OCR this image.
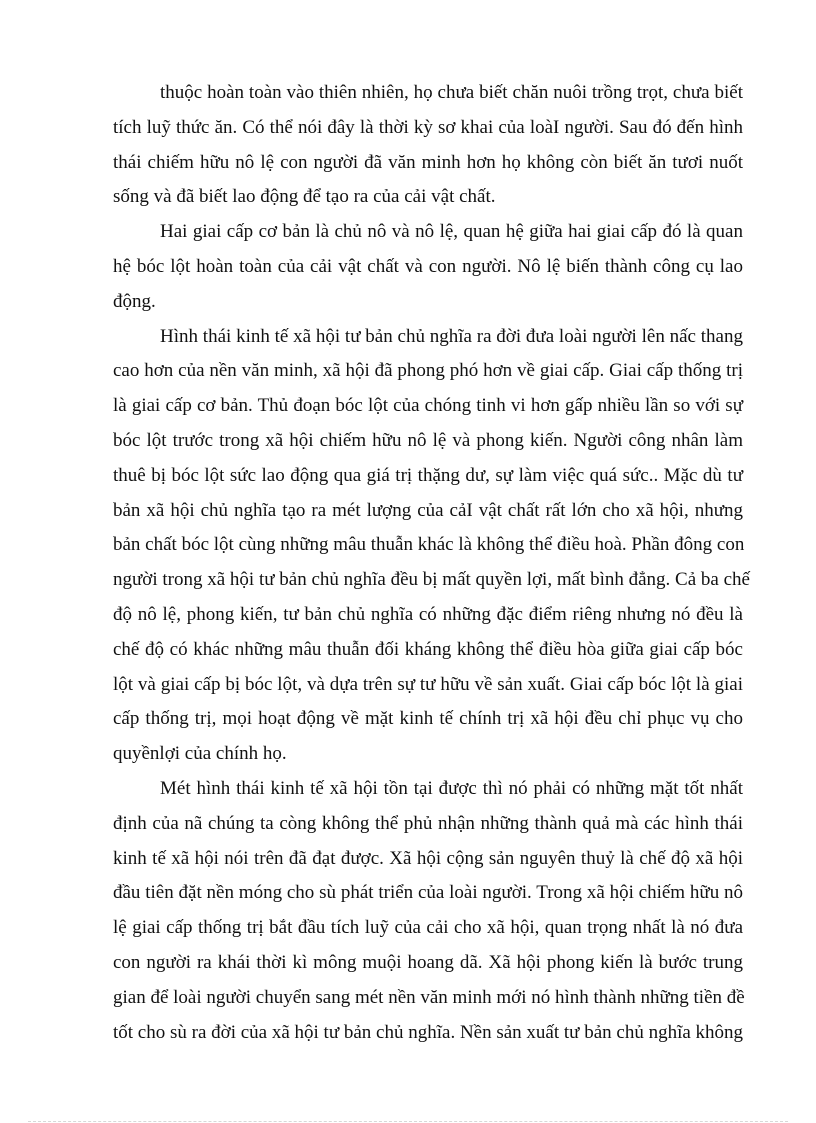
thuộc hoàn toàn vào thiên nhiên, họ chưa biết chăn nuôi trồng trọt, chưa biết
tích luỹ thức ăn. Có thể nói đây là thời kỳ sơ khai của loàI người. Sau đó đến hình
thái chiếm hữu nô lệ con người đã văn minh hơn họ không còn biết ăn tươi nuốt
sống và đã biết lao động để tạo ra của cải vật chất.
Hai giai cấp cơ bản là chủ nô và nô lệ, quan hệ giữa hai giai cấp đó là quan
hệ bóc lột hoàn toàn của cải vật chất và con người. Nô lệ biến thành công cụ lao
động.
Hình thái kinh tế xã hội tư bản chủ nghĩa ra đời đưa loài người lên nấc thang
cao hơn của nền văn minh, xã hội đã phong phó hơn về giai cấp. Giai cấp thống trị
là giai cấp cơ bản. Thủ đoạn bóc lột của chóng tinh vi hơn gấp nhiều lần so với sự
bóc lột trước trong xã hội chiếm hữu nô lệ và phong kiến. Người công nhân làm
thuê bị bóc lột sức lao động qua giá trị thặng dư, sự làm việc quá sức.. Mặc dù tư
bản xã hội chủ nghĩa tạo ra mét lượng của cảI vật chất rất lớn cho xã hội, nhưng
bản chất bóc lột cùng những mâu thuẫn khác là không thể điều hoà. Phần đông con
người trong xã hội tư bản chủ nghĩa đều bị mất quyền lợi, mất bình đẳng. Cả ba chế
độ nô lệ, phong kiến, tư bản chủ nghĩa có những đặc điểm riêng nhưng nó đều là
chế độ có khác những mâu thuẫn đối kháng không thể điều hòa giữa giai cấp bóc
lột và giai cấp bị bóc lột, và dựa trên sự tư hữu về sản xuất. Giai cấp bóc lột là giai
cấp thống trị, mọi hoạt động về mặt kinh tế chính trị xã hội đều chỉ phục vụ cho
quyềnlợi của chính họ.
Mét hình thái kinh tế xã hội tồn tại được thì nó phải có những mặt tốt nhất
định của nã chúng ta còng không thể phủ nhận những thành quả mà các hình thái
kinh tế xã hội nói trên đã đạt được. Xã hội cộng sản nguyên thuỷ là chế độ xã hội
đầu tiên đặt nền móng cho sù phát triển của loài người. Trong xã hội chiếm hữu nô
lệ giai cấp thống trị bắt đầu tích luỹ của cải cho xã hội, quan trọng nhất là nó đưa
con người ra khái thời kì mông muội hoang dã. Xã hội phong kiến là bước trung
gian để loài người chuyển sang mét nền văn minh mới nó hình thành những tiền đề
tốt cho sù ra đời của xã hội tư bản chủ nghĩa. Nền sản xuất tư bản chủ nghĩa không
